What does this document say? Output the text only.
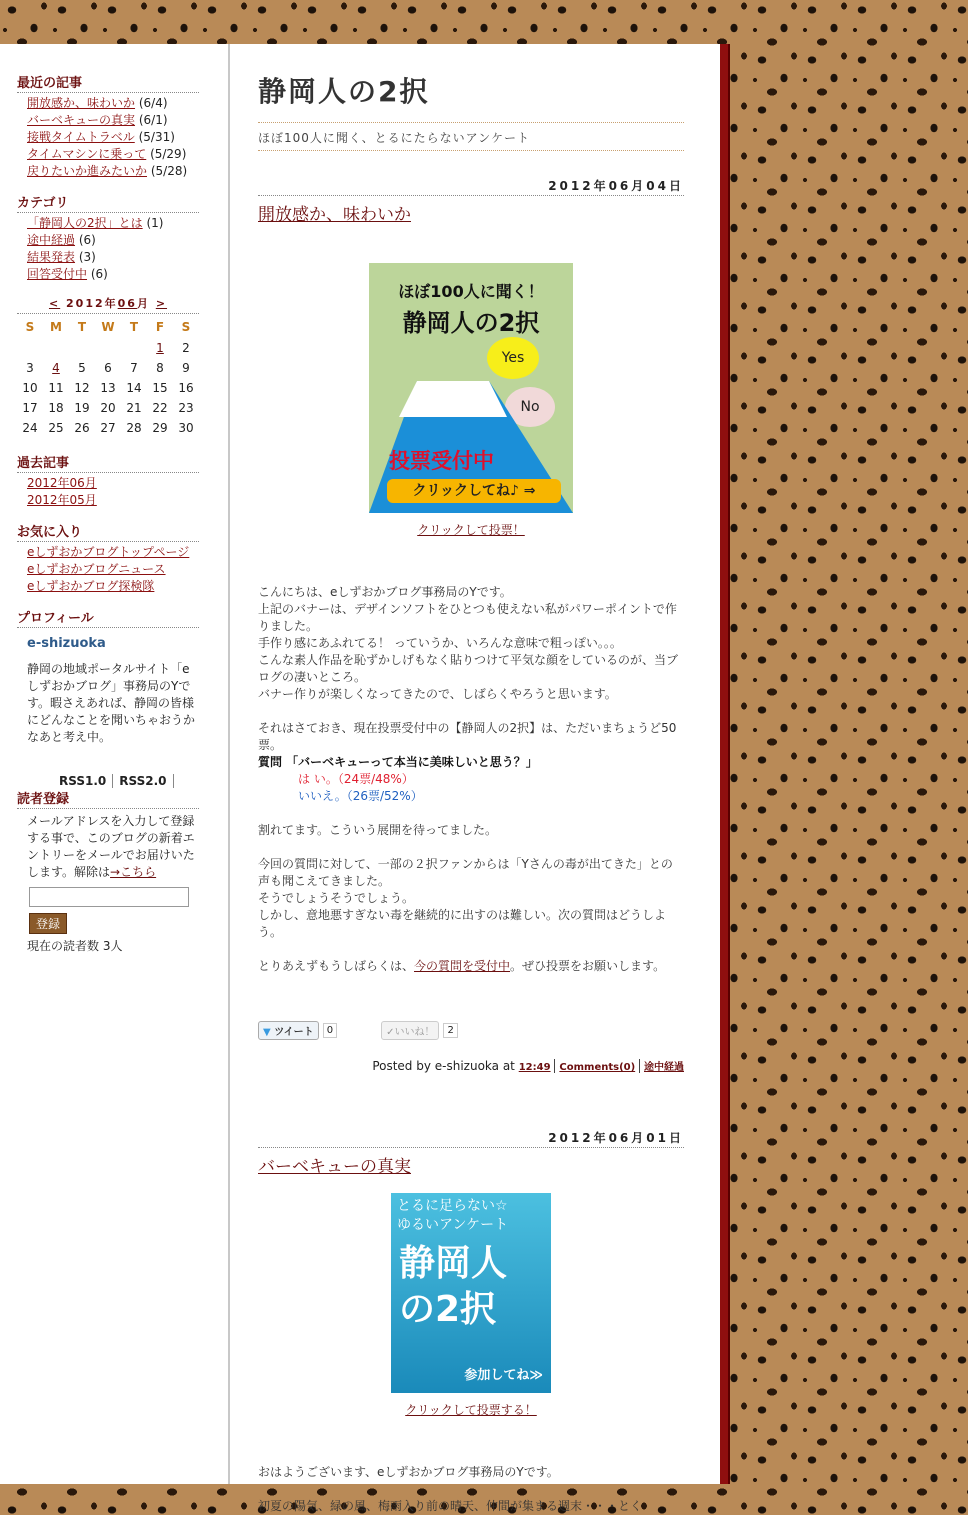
最近の記事
開放感か、味わいか (6/4)
バーベキューの真実 (6/1)
接戦タイムトラベル (5/31)
タイムマシンに乗って (5/29)
戻りたいか進みたいか (5/28)
カテゴリ
「静岡人の2択」とは (1)
途中経過 (6)
結果発表 (3)
回答受付中 (6)
< 2012年06月 >
S	M	T	W	T	F	S
					1	2
3	4	5	6	7	8	9
10	11	12	13	14	15	16
17	18	19	20	21	22	23
24	25	26	27	28	29	30
過去記事
2012年06月
2012年05月
お気に入り
eしずおかブログトップページ
eしずおかブログニュース
eしずおかブログ探検隊
プロフィール
e-shizuoka
静岡の地域ポータルサイト「eしずおかブログ」事務局のYです。暇さえあれば、静岡の皆様にどんなことを聞いちゃおうかなあと考え中。
RSS1.0 RSS2.0
読者登録
メールアドレスを入力して登録する事で、このブログの新着エントリーをメールでお届けいたします。解除は→こちら
登録
現在の読者数 3人
静岡人の2択
ほぼ100人に聞く、とるにたらないアンケート
2012年06月04日
開放感か、味わいか
ほぼ100人に聞く！
静岡人の2択
Yes
No
投票受付中
クリックしてね♪ ⇒
クリックして投票！
こんにちは、eしずおかブログ事務局のYです。
上記のバナーは、デザインソフトをひとつも使えない私がパワーポイントで作りました。
手作り感にあふれてる！ っていうか、いろんな意味で粗っぽい。。。
こんな素人作品を恥ずかしげもなく貼りつけて平気な顔をしているのが、当ブログの凄いところ。
バナー作りが楽しくなってきたので、しばらくやろうと思います。

それはさておき、現在投票受付中の【静岡人の2択】は、ただいまちょうど50票。
質問 「バーベキューって本当に美味しいと思う？」
は い。（24票/48%）
いいえ。（26票/52%）

割れてます。こういう展開を待ってました。

今回の質問に対して、一部の２択ファンからは「Yさんの毒が出てきた」との声も聞こえてきました。
そうでしょうそうでしょう。
しかし、意地悪すぎない毒を継続的に出すのは難しい。次の質問はどうしよう。

とりあえずもうしばらくは、今の質問を受付中。ぜひ投票をお願いします。
▼ ツイート	0	✓いいね！	2
Posted by e-shizuoka at 12:49 Comments(0) 途中経過
2012年06月01日
バーベキューの真実
とるに足らない☆
ゆるいアンケート
静岡人
の2択
参加してね≫
クリックして投票する！
おはようございます、eしずおかブログ事務局のYです。

初夏の陽気、緑の風、梅雨入り前の晴天、仲間が集まる週末・・・とく
